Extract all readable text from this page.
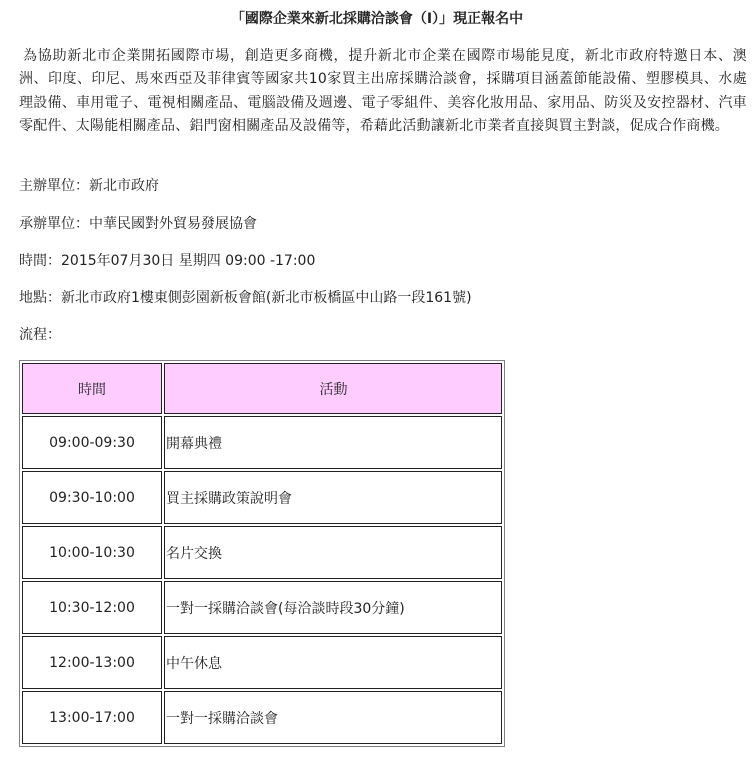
「國際企業來新北採購洽談會（I）」現正報名中

為協助新北市企業開拓國際市場，創造更多商機，提升新北市企業在國際市場能見度，新北市政府特邀日本、澳洲、印度、印尼、馬來西亞及菲律賓等國家共10家買主出席採購洽談會，採購項目涵蓋節能設備、塑膠模具、水處理設備、車用電子、電視相關產品、電腦設備及週邊、電子零組件、美容化妝用品、家用品、防災及安控器材、汽車零配件、太陽能相關產品、鋁門窗相關產品及設備等，希藉此活動讓新北市業者直接與買主對談，促成合作商機。

主辦單位：新北市政府
承辦單位：中華民國對外貿易發展協會
時間：2015年07月30日 星期四 09:00 -17:00
地點：新北市政府1樓東側彭園新板會館(新北市板橋區中山路一段161號)
流程：
時間	活動
09:00-09:30	開幕典禮
09:30-10:00	買主採購政策說明會
10:00-10:30	名片交換
10:30-12:00	一對一採購洽談會(每洽談時段30分鐘)
12:00-13:00	中午休息
13:00-17:00	一對一採購洽談會
